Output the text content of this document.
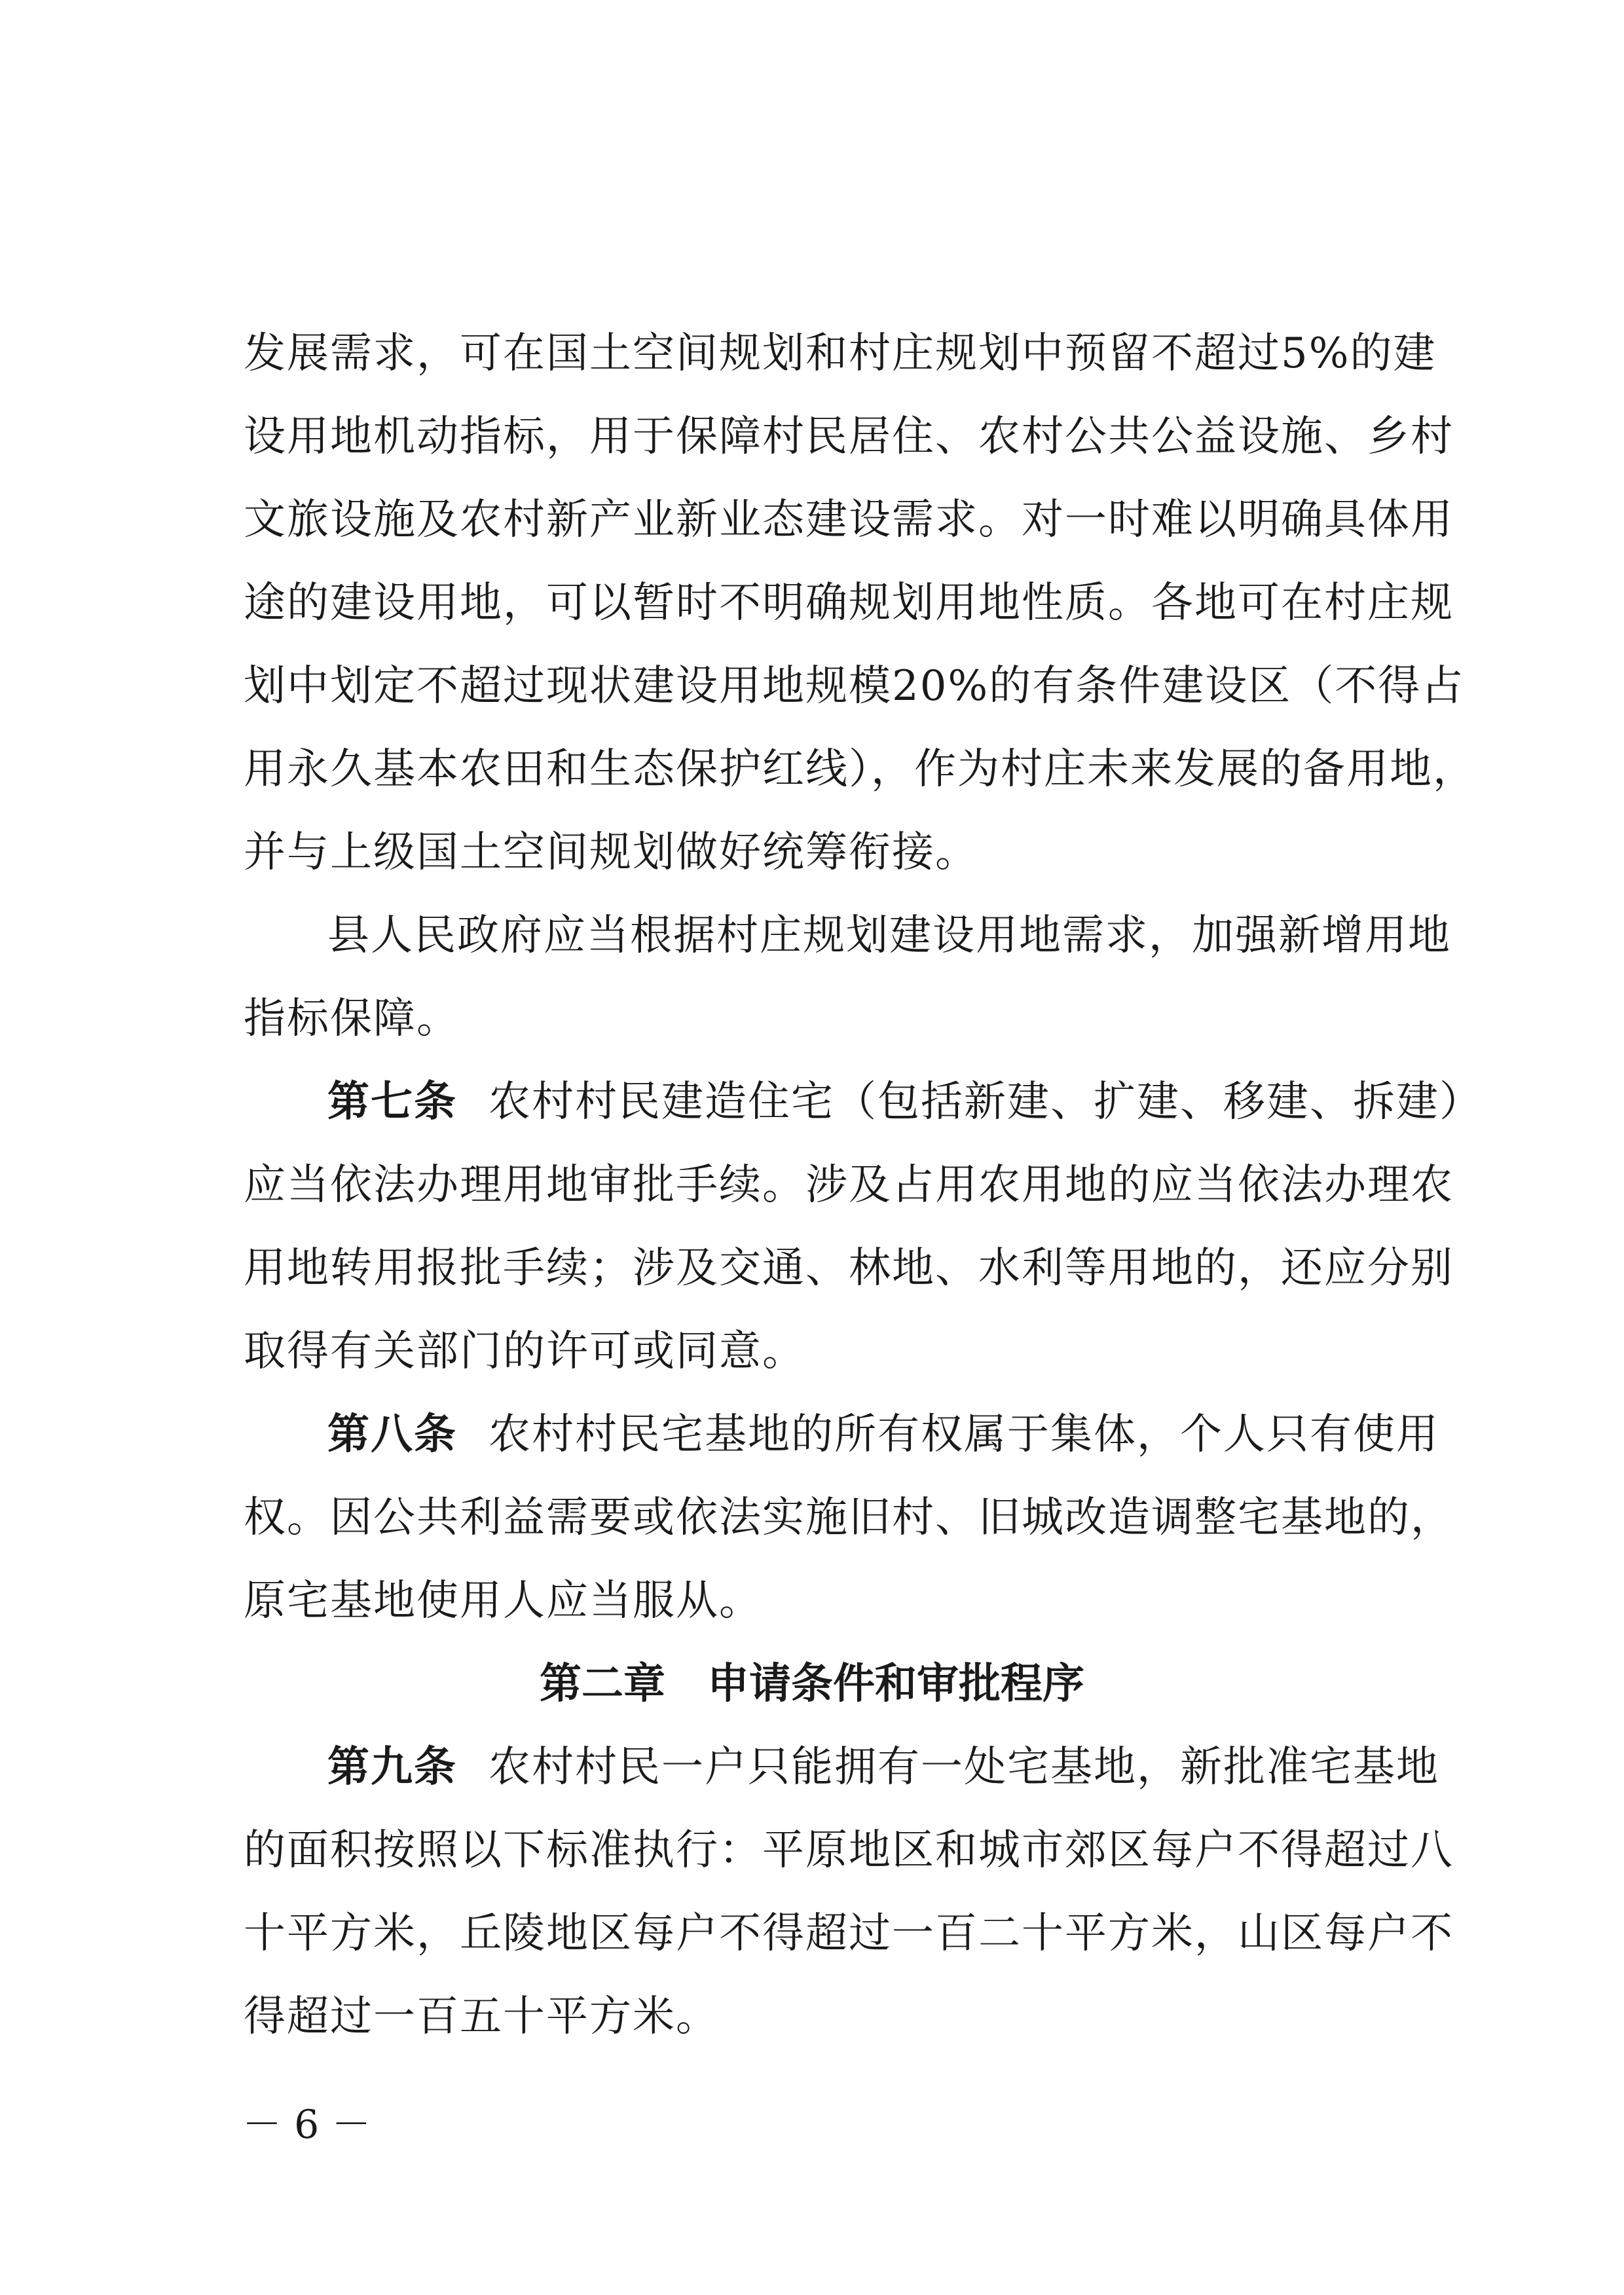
发展需求，可在国土空间规划和村庄规划中预留不超过5%的建
设用地机动指标，用于保障村民居住、农村公共公益设施、乡村
文旅设施及农村新产业新业态建设需求。对一时难以明确具体用
途的建设用地，可以暂时不明确规划用地性质。各地可在村庄规
划中划定不超过现状建设用地规模20%的有条件建设区（不得占
用永久基本农田和生态保护红线），作为村庄未来发展的备用地，
并与上级国土空间规划做好统筹衔接。
县人民政府应当根据村庄规划建设用地需求，加强新增用地
指标保障。
第七条 农村村民建造住宅（包括新建、扩建、移建、拆建）
应当依法办理用地审批手续。涉及占用农用地的应当依法办理农
用地转用报批手续；涉及交通、林地、水利等用地的，还应分别
取得有关部门的许可或同意。
第八条 农村村民宅基地的所有权属于集体，个人只有使用
权。因公共利益需要或依法实施旧村、旧城改造调整宅基地的，
原宅基地使用人应当服从。
第二章 申请条件和审批程序
第九条 农村村民一户只能拥有一处宅基地，新批准宅基地
的面积按照以下标准执行：平原地区和城市郊区每户不得超过八
十平方米，丘陵地区每户不得超过一百二十平方米，山区每户不
得超过一百五十平方米。
－ 6 －
